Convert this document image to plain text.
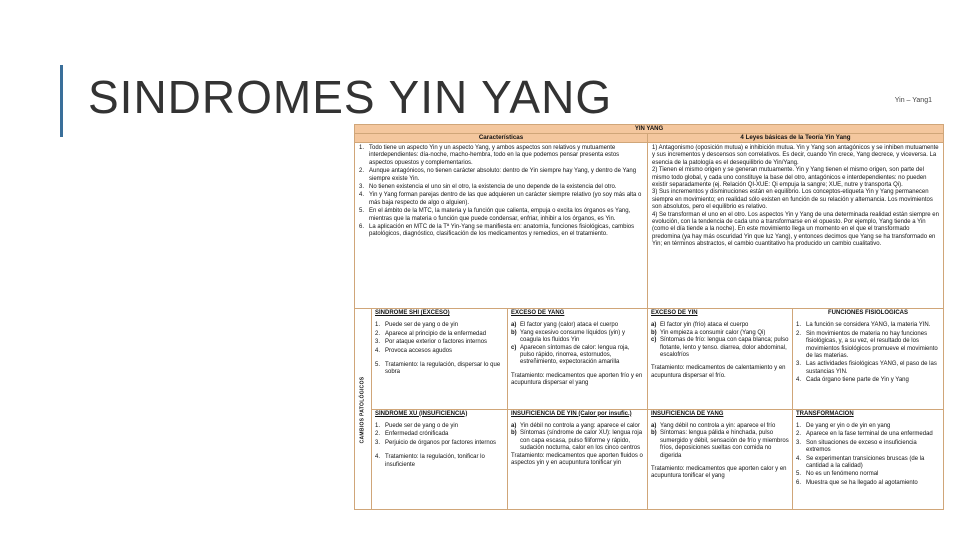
SINDROMES YIN YANG	Yin – Yang1
YIN YANG
Características
1. Todo tiene un aspecto Yin y un aspecto Yang, y ambos aspectos son relativos y mutuamente interdependientes: día-noche, macho-hembra, todo en la que podemos pensar presenta estos aspectos opuestos y complementarios.
2. Aunque antagónicos, no tienen carácter absoluto: dentro de Yin siempre hay Yang, y dentro de Yang siempre existe Yin.
3. No tienen existencia el uno sin el otro, la existencia de uno depende de la existencia del otro.
4. Yin y Yang forman parejas dentro de las que adquieren un carácter siempre relativo (yo soy más alta o más baja respecto de algo o alguien).
5. En el ámbito de la MTC, la materia y la función que calienta, empuja o excita los órganos es Yang, mientras que la materia o función que puede condensar, enfriar, inhibir a los órganos, es Yin.
6. La aplicación en MTC de la Tª Yin-Yang se manifiesta en: anatomía, funciones fisiológicas, cambios patológicos, diagnóstico, clasificación de los medicamentos y remedios, en el tratamiento.
4 Leyes básicas de la Teoría Yin Yang
1) Antagonismo (oposición mutua) e inhibición mutua. Yin y Yang son antagónicos y se inhiben mutuamente y sus incrementos y descensos son correlativos. Es decir, cuando Yin crece, Yang decrece, y viceversa. La esencia de la patología es el desequilibrio de Yin/Yang.
2) Tienen el mismo origen y se generan mutuamente. Yin y Yang tienen el mismo origen, son parte del mismo todo global, y cada uno constituye la base del otro, antagónicos e interdependientes: no pueden existir separadamente (ej. Relación QI-XUE: Qi empuja la sangre; XUE, nutre y transporta Qi).
3) Sus incrementos y disminuciones están en equilibrio. Los conceptos-etiqueta Yin y Yang permanecen siempre en movimiento; en realidad sólo existen en función de su relación y alternancia. Los movimientos son absolutos, pero el equilibrio es relativo.
4) Se transforman el uno en el otro. Los aspectos Yin y Yang de una determinada realidad están siempre en evolución, con la tendencia de cada uno a transformarse en el opuesto. Por ejemplo, Yang tiende a Yin (como el día tiende a la noche). En este movimiento llega un momento en el que el transformado predomina (ya hay más oscuridad Yin que luz Yang), y entonces decimos que Yang se ha transformado en Yin; en términos abstractos, el cambio cuantitativo ha producido un cambio cualitativo.
CAMBIOS PATOLÓGICOS
SÍNDROME SHI (EXCESO)
1. Puede ser de yang o de yin
2. Aparece al principio de la enfermedad
3. Por ataque exterior o factores internos
4. Provoca accesos agudos
5. Tratamiento: la regulación, dispersar lo que sobra
EXCESO DE YANG
a) El factor yang (calor) ataca el cuerpo
b) Yang excesivo consume líquidos (yin) y coagula los fluidos Yin
c) Aparecen síntomas de calor: lengua roja, pulso rápido, rinorrea, estornudos, estreñimiento, expectoración amarilla
Tratamiento: medicamentos que aporten frío y en acupuntura dispersar el yang
EXCESO DE YIN
a) El factor yin (frío) ataca el cuerpo
b) Yin empieza a consumir calor (Yang Qi)
c) Síntomas de frío: lengua con capa blanca; pulso flotante, lento y tenso. diarrea, dolor abdominal, escalofríos
Tratamiento: medicamentos de calentamiento y en acupuntura dispersar el frío.
FUNCIONES FISIOLÓGICAS
1. La función se considera YANG, la materia YIN.
2. Sin movimientos de materia no hay funciones fisiológicas, y, a su vez, el resultado de los movimientos fisiológicos promueve el movimiento de las materias.
3. Las actividades fisiológicas YANG, el paso de las sustancias YIN.
4. Cada órgano tiene parte de Yin y Yang
SÍNDROME XU (INSUFICIENCIA)
1. Puede ser de yang o de yin
2. Enfermedad crónificada
3. Perjuicio de órganos por factores internos
4. Tratamiento: la regulación, tonificar lo insuficiente
INSUFICIENCIA DE YIN (Calor por insufic.)
a) Yin débil no controla a yang: aparece el calor
b) Síntomas (síndrome de calor XU): lengua roja con capa escasa, pulso filiforme y rápido, sudación nocturna, calor en los cinco centros
Tratamiento: medicamentos que aporten fluidos o aspectos yin y en acupuntura tonificar yin
INSUFICIENCIA DE YANG
a) Yang débil no controla a yin: aparece el frío
b) Síntomas: lengua pálida e hinchada, pulso sumergido y débil, sensación de frío y miembros fríos, deposiciones sueltas con comida no digerida
Tratamiento: medicamentos que aporten calor y en acupuntura tonificar el yang
TRANSFORMACIÓN
1. De yang er yin o de yin en yang
2. Aparece en la fase terminal de una enfermedad
3. Son situaciones de exceso e insuficiencia extremos
4. Se experimentan transiciones bruscas (de la cantidad a la calidad)
5. No es un fenómeno normal
6. Muestra que se ha llegado al agotamiento
